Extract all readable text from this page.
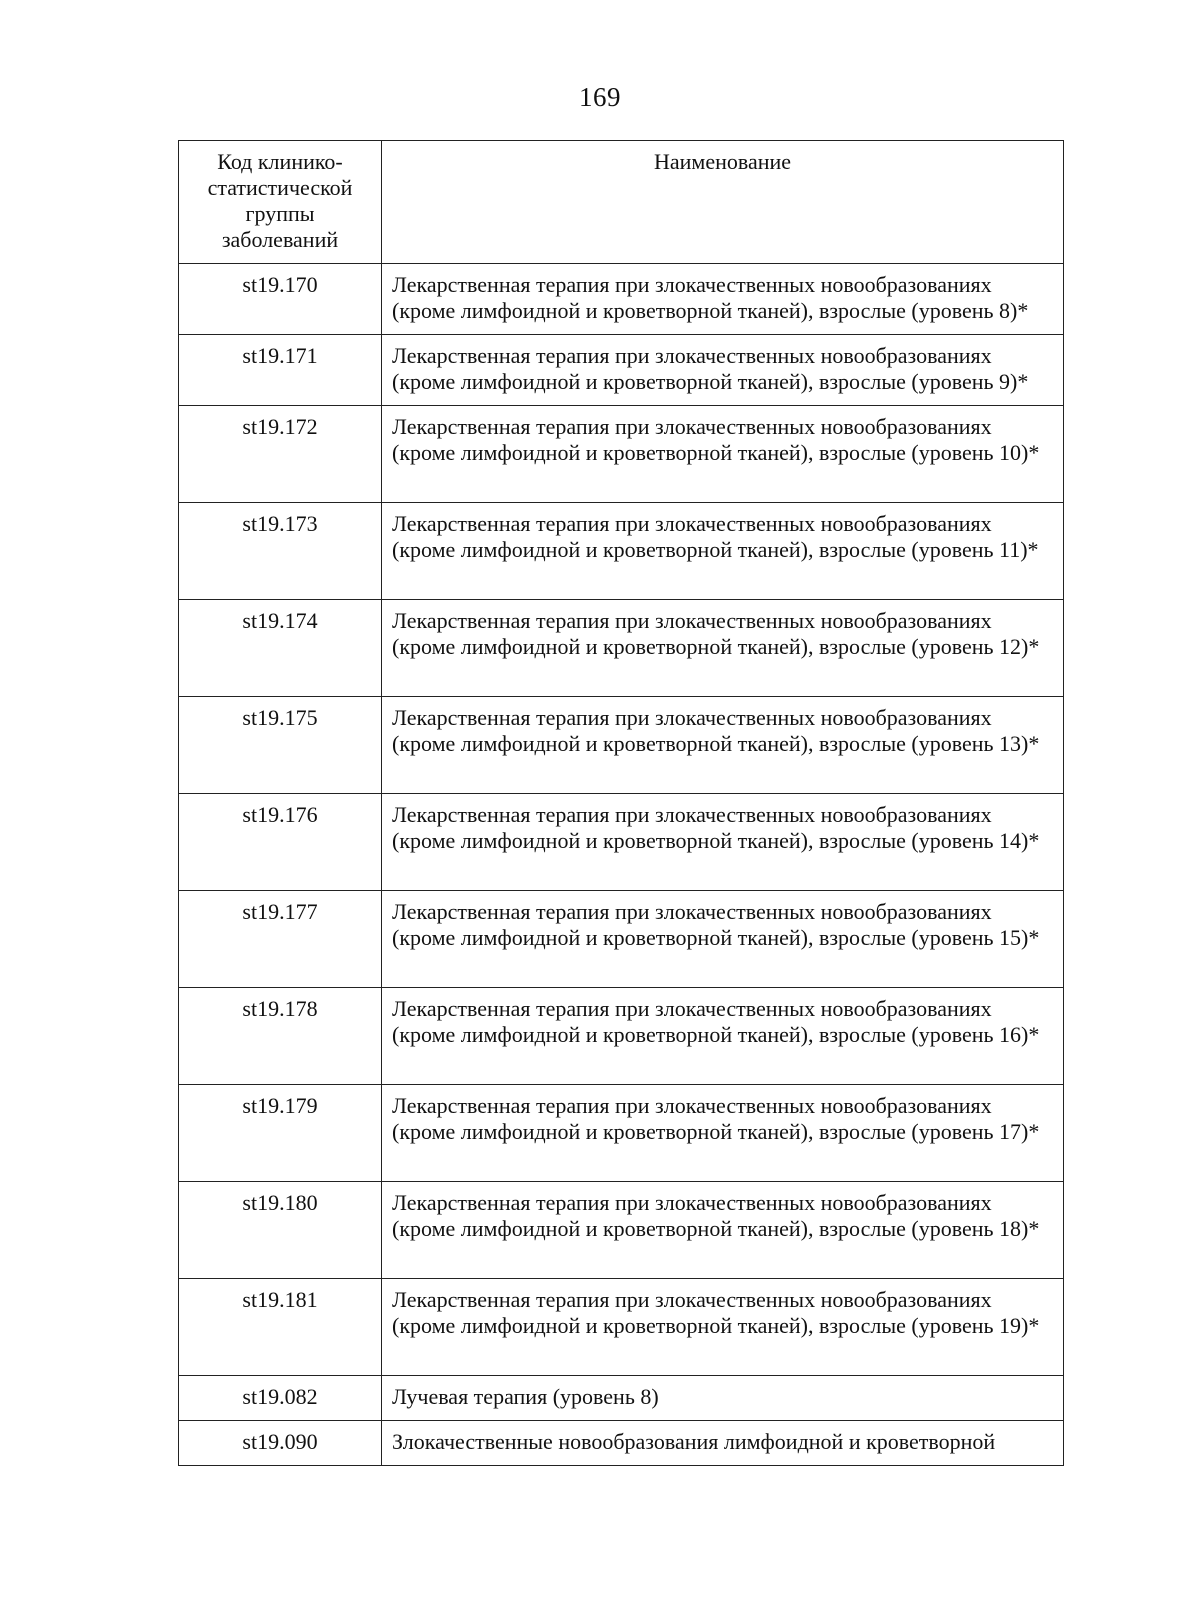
169
Код клинико-статистической группы заболеваний	Наименование
st19.170	Лекарственная терапия при злокачественных новообразованиях (кроме лимфоидной и кроветворной тканей), взрослые (уровень 8)*
st19.171	Лекарственная терапия при злокачественных новообразованиях (кроме лимфоидной и кроветворной тканей), взрослые (уровень 9)*
st19.172	Лекарственная терапия при злокачественных новообразованиях (кроме лимфоидной и кроветворной тканей), взрослые (уровень 10)*
st19.173	Лекарственная терапия при злокачественных новообразованиях (кроме лимфоидной и кроветворной тканей), взрослые (уровень 11)*
st19.174	Лекарственная терапия при злокачественных новообразованиях (кроме лимфоидной и кроветворной тканей), взрослые (уровень 12)*
st19.175	Лекарственная терапия при злокачественных новообразованиях (кроме лимфоидной и кроветворной тканей), взрослые (уровень 13)*
st19.176	Лекарственная терапия при злокачественных новообразованиях (кроме лимфоидной и кроветворной тканей), взрослые (уровень 14)*
st19.177	Лекарственная терапия при злокачественных новообразованиях (кроме лимфоидной и кроветворной тканей), взрослые (уровень 15)*
st19.178	Лекарственная терапия при злокачественных новообразованиях (кроме лимфоидной и кроветворной тканей), взрослые (уровень 16)*
st19.179	Лекарственная терапия при злокачественных новообразованиях (кроме лимфоидной и кроветворной тканей), взрослые (уровень 17)*
st19.180	Лекарственная терапия при злокачественных новообразованиях (кроме лимфоидной и кроветворной тканей), взрослые (уровень 18)*
st19.181	Лекарственная терапия при злокачественных новообразованиях (кроме лимфоидной и кроветворной тканей), взрослые (уровень 19)*
st19.082	Лучевая терапия (уровень 8)
st19.090	Злокачественные новообразования лимфоидной и кроветворной
